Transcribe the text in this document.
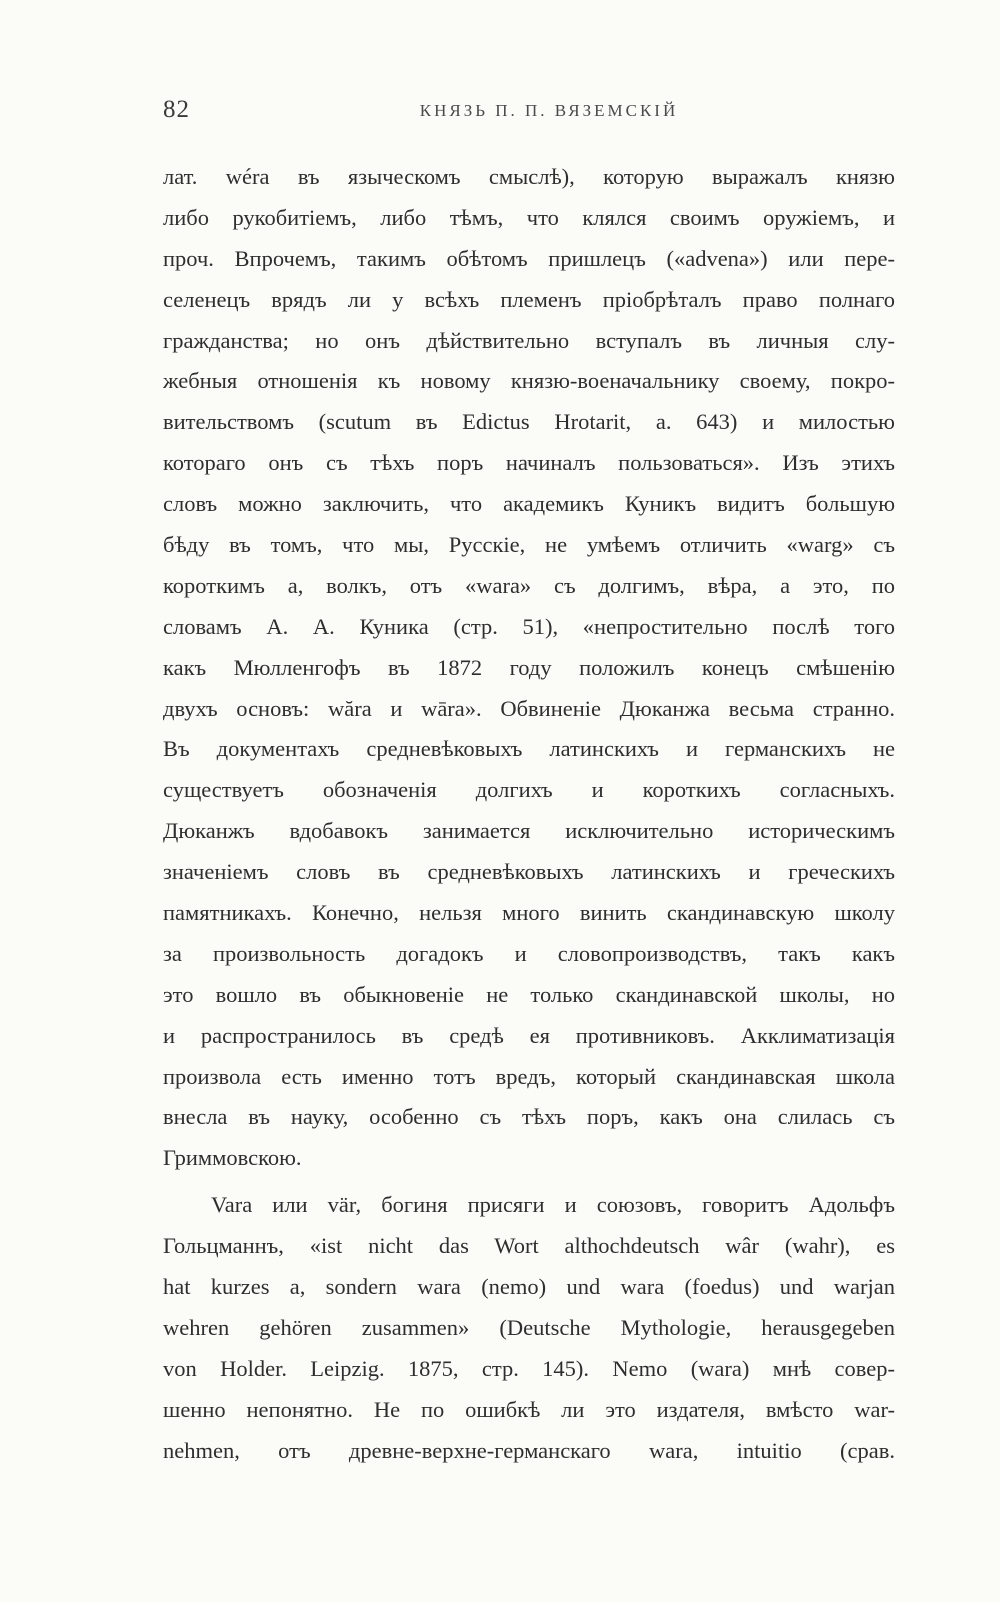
82	КНЯЗЬ П. П. ВЯЗЕМСКІЙ
лат. wéra въ языческомъ смыслѣ), которую выражалъ князю
либо рукобитіемъ, либо тѣмъ, что клялся своимъ оружіемъ, и
проч. Впрочемъ, такимъ обѣтомъ пришлецъ («advena») или пере-
селенецъ врядъ ли у всѣхъ племенъ пріобрѣталъ право полнаго
гражданства; но онъ дѣйствительно вступалъ въ личныя слу-
жебныя отношенія къ новому князю-военачальнику своему, покро-
вительствомъ (scutum въ Edictus Hrotarit, a. 643) и милостью
котораго онъ съ тѣхъ поръ начиналъ пользоваться». Изъ этихъ
словъ можно заключить, что академикъ Куникъ видитъ большую
бѣду въ томъ, что мы, Русскіе, не умѣемъ отличить «warg» съ
короткимъ a, волкъ, отъ «wara» съ долгимъ, вѣра, а это, по
словамъ А. А. Куника (стр. 51), «непростительно послѣ того
какъ Мюлленгофъ въ 1872 году положилъ конецъ смѣшенію
двухъ основъ: wăra и wāra». Обвиненіе Дюканжа весьма странно.
Въ документахъ средневѣковыхъ латинскихъ и германскихъ не
существуетъ обозначенія долгихъ и короткихъ согласныхъ.
Дюканжъ вдобавокъ занимается исключительно историческимъ
значеніемъ словъ въ средневѣковыхъ латинскихъ и греческихъ
памятникахъ. Конечно, нельзя много винить скандинавскую школу
за произвольность догадокъ и словопроизводствъ, такъ какъ
это вошло въ обыкновеніе не только скандинавской школы, но
и распространилось въ средѣ ея противниковъ. Акклиматизація
произвола есть именно тотъ вредъ, который скандинавская школа
внесла въ науку, особенно съ тѣхъ поръ, какъ она слилась съ
Гриммовскою.
Vara или vär, богиня присяги и союзовъ, говоритъ Адольфъ
Гольцманнъ, «ist nicht das Wort althochdeutsch wâr (wahr), es
hat kurzes a, sondern wara (nemo) und wara (foedus) und warjan
wehren gehören zusammen» (Deutsche Mythologie, herausgegeben
von Holder. Leipzig. 1875, стр. 145). Nemo (wara) мнѣ совер-
шенно непонятно. Не по ошибкѣ ли это издателя, вмѣсто war-
nehmen, отъ древне-верхне-германскаго wara, intuitio (срав.
